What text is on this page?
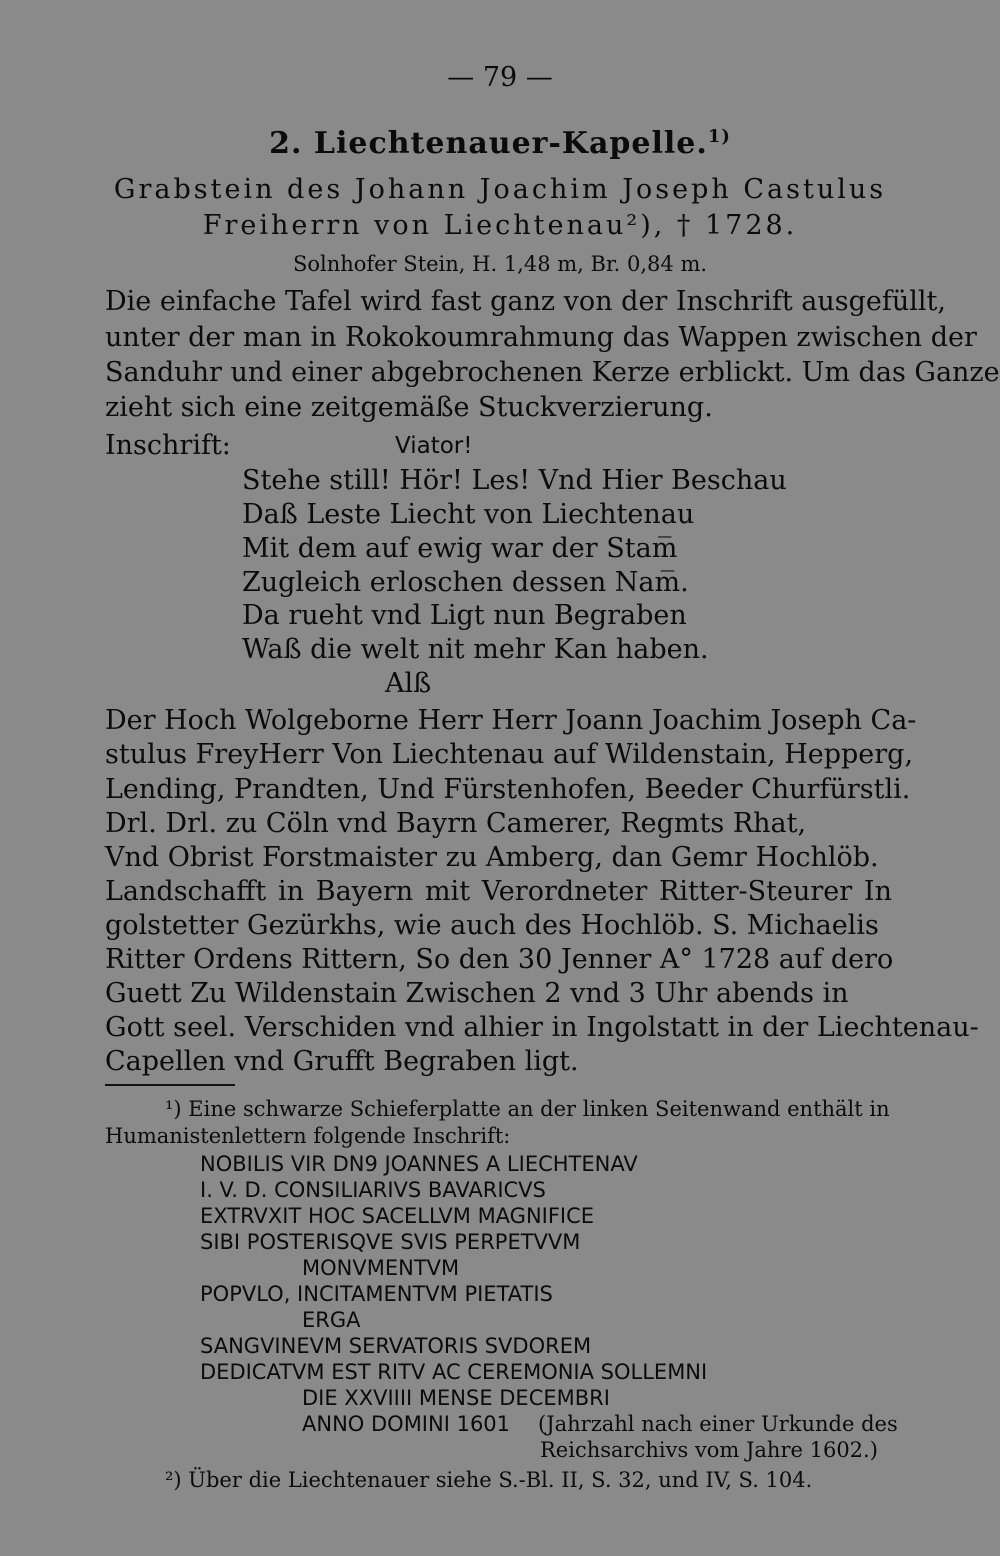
— 79 —
2. Liechtenauer-Kapelle.$^{1)}$
Grabstein des Johann Joachim Joseph Castulus
Freiherrn von Liechtenau²), † 1728.
Solnhofer Stein, H. 1,48 m, Br. 0,84 m.
Die einfache Tafel wird fast ganz von der Inschrift ausgefüllt,
unter der man in Rokokoumrahmung das Wappen zwischen der
Sanduhr und einer abgebrochenen Kerze erblickt. Um das Ganze
zieht sich eine zeitgemäße Stuckverzierung.
Inschrift:	Viator!
Stehe still! Hör! Les! Vnd Hier Beschau
Daß Leste Liecht von Liechtenau
Mit dem auf ewig war der Stam̅
Zugleich erloschen dessen Nam̅.
Da rueht vnd Ligt nun Begraben
Waß die welt nit mehr Kan haben.
Alß
Der Hoch Wolgeborne Herr Herr Joann Joachim Joseph Ca-
stulus FreyHerr Von Liechtenau auf Wildenstain, Hepperg,
Lending, Prandten, Und Fürstenhofen, Beeder Churfürstli.
Drl. Drl. zu Cöln vnd Bayrn Camerer, Regmts Rhat,
Vnd Obrist Forstmaister zu Amberg, dan Gemr Hochlöb.
Landschafft in Bayern mit Verordneter Ritter-Steurer In
golstetter Gezürkhs, wie auch des Hochlöb. S. Michaelis
Ritter Ordens Rittern, So den 30 Jenner A° 1728 auf dero
Guett Zu Wildenstain Zwischen 2 vnd 3 Uhr abends in
Gott seel. Verschiden vnd alhier in Ingolstatt in der Liechtenau-
Capellen vnd Grufft Begraben ligt.
¹) Eine schwarze Schieferplatte an der linken Seitenwand enthält in
Humanistenlettern folgende Inschrift:
NOBILIS VIR DN9 JOANNES A LIECHTENAV
I. V. D. CONSILIARIVS BAVARICVS
EXTRVXIT HOC SACELLVM MAGNIFICE
SIBI POSTERISQVE SVIS PERPETVVM
MONVMENTVM
POPVLO, INCITAMENTVM PIETATIS
ERGA
SANGVINEVM SERVATORIS SVDOREM
DEDICATVM EST RITV AC CEREMONIA SOLLEMNI
DIE XXVIIII MENSE DECEMBRI
ANNO DOMINI 1601 (Jahrzahl nach einer Urkunde des
Reichsarchivs vom Jahre 1602.)
²) Über die Liechtenauer siehe S.-Bl. II, S. 32, und IV, S. 104.
